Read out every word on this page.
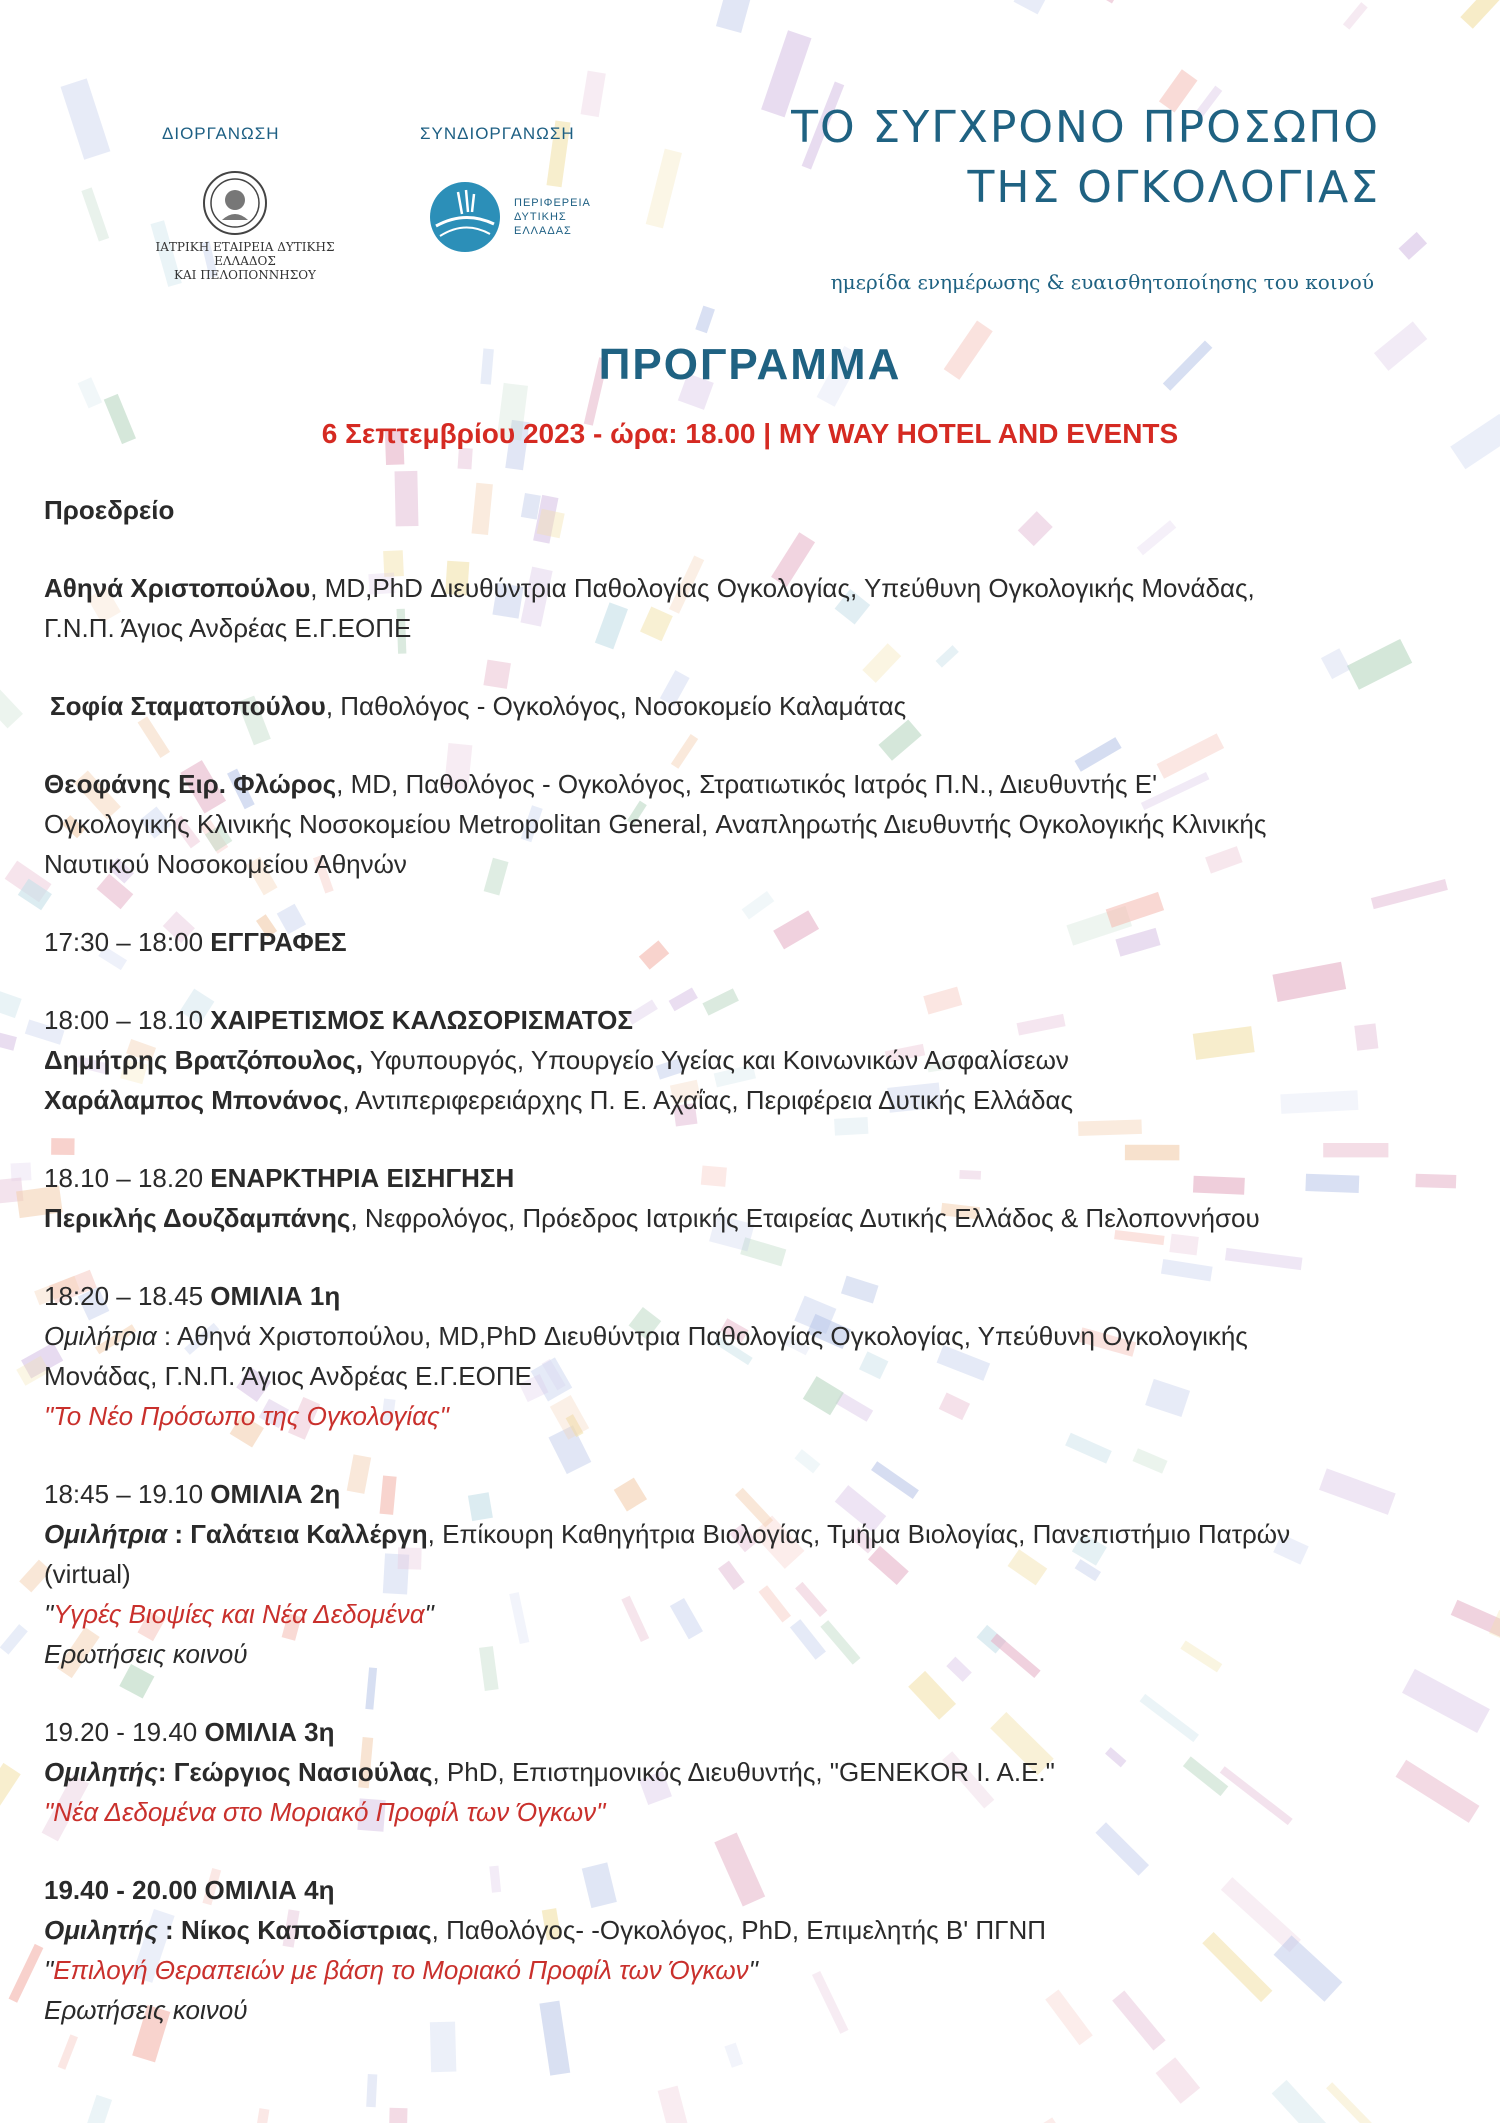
ΔΙΟΡΓΑΝΩΣΗ	ΣΥΝΔΙΟΡΓΑΝΩΣΗ
ΙΑΤΡΙΚΗ ΕΤΑΙΡΕΙΑ ΔΥΤΙΚΗΣ ΕΛΛΑΔΟΣ
ΚΑΙ ΠΕΛΟΠΟΝΝΗΣΟΥ
ΠΕΡΙΦΕΡΕΙΑ
ΔΥΤΙΚΗΣ
ΕΛΛΑΔΑΣ
ΤΟ ΣΥΓΧΡΟΝΟ ΠΡΟΣΩΠΟ
ΤΗΣ ΟΓΚΟΛΟΓΙΑΣ
ημερίδα ενημέρωσης & ευαισθητοποίησης του κοινού
ΠΡΟΓΡΑΜΜΑ
6 Σεπτεμβρίου 2023 - ώρα: 18.00 | MY WAY HOTEL AND EVENTS

Προεδρείο

Αθηνά Χριστοπούλου, MD,PhD Διευθύντρια Παθολογίας Ογκολογίας, Υπεύθυνη Ογκολογικής Μονάδας,

Γ.Ν.Π. Άγιος Ανδρέας Ε.Γ.ΕΟΠΕ

Σοφία Σταματοπούλου, Παθολόγος - Ογκολόγος, Νοσοκομείο Καλαμάτας

Θεοφάνης Ειρ. Φλώρος, MD, Παθολόγος - Ογκολόγος, Στρατιωτικός Ιατρός Π.Ν., Διευθυντής Ε'

Ογκολογικής Κλινικής Νοσοκομείου Metropolitan General, Αναπληρωτής Διευθυντής Ογκολογικής Κλινικής

Ναυτικού Νοσοκομείου Αθηνών

17:30 – 18:00 ΕΓΓΡΑΦΕΣ

18:00 – 18.10 ΧΑΙΡΕΤΙΣΜΟΣ ΚΑΛΩΣΟΡΙΣΜΑΤΟΣ

Δημήτρης Βρατζόπουλος, Υφυπουργός, Υπουργείο Υγείας και Κοινωνικών Ασφαλίσεων

Χαράλαμπος Μπονάνος, Αντιπεριφερειάρχης Π. Ε. Αχαΐας, Περιφέρεια Δυτικής Ελλάδας

18.10 – 18.20 ΕΝΑΡΚΤΗΡΙΑ ΕΙΣΗΓΗΣΗ

Περικλής Δουζδαμπάνης, Νεφρολόγος, Πρόεδρος Ιατρικής Εταιρείας Δυτικής Ελλάδος & Πελοποννήσου

18:20 – 18.45 ΟΜΙΛΙΑ 1η

Ομιλήτρια : Αθηνά Χριστοπούλου, MD,PhD Διευθύντρια Παθολογίας Ογκολογίας, Υπεύθυνη Ογκολογικής

Μονάδας, Γ.Ν.Π. Άγιος Ανδρέας Ε.Γ.ΕΟΠΕ

"Το Νέο Πρόσωπο της Ογκολογίας"

18:45 – 19.10 ΟΜΙΛΙΑ 2η

Ομιλήτρια : Γαλάτεια Καλλέργη, Επίκουρη Καθηγήτρια Βιολογίας, Τμήμα Βιολογίας, Πανεπιστήμιο Πατρών

(virtual)

"Υγρές Βιοψίες και Νέα Δεδομένα"

Ερωτήσεις κοινού

19.20 - 19.40 ΟΜΙΛΙΑ 3η

Ομιλητής: Γεώργιος Νασιούλας, PhD, Επιστημονικός Διευθυντής, "GENEKOR I. A.E."

"Νέα Δεδομένα στο Μοριακό Προφίλ των Όγκων"

19.40 - 20.00 ΟΜΙΛΙΑ 4η

Ομιλητής : Νίκος Καποδίστριας, Παθολόγος- -Ογκολόγος, PhD, Επιμελητής Β' ΠΓΝΠ

"Επιλογή Θεραπειών με βάση το Μοριακό Προφίλ των Όγκων"

Ερωτήσεις κοινού
